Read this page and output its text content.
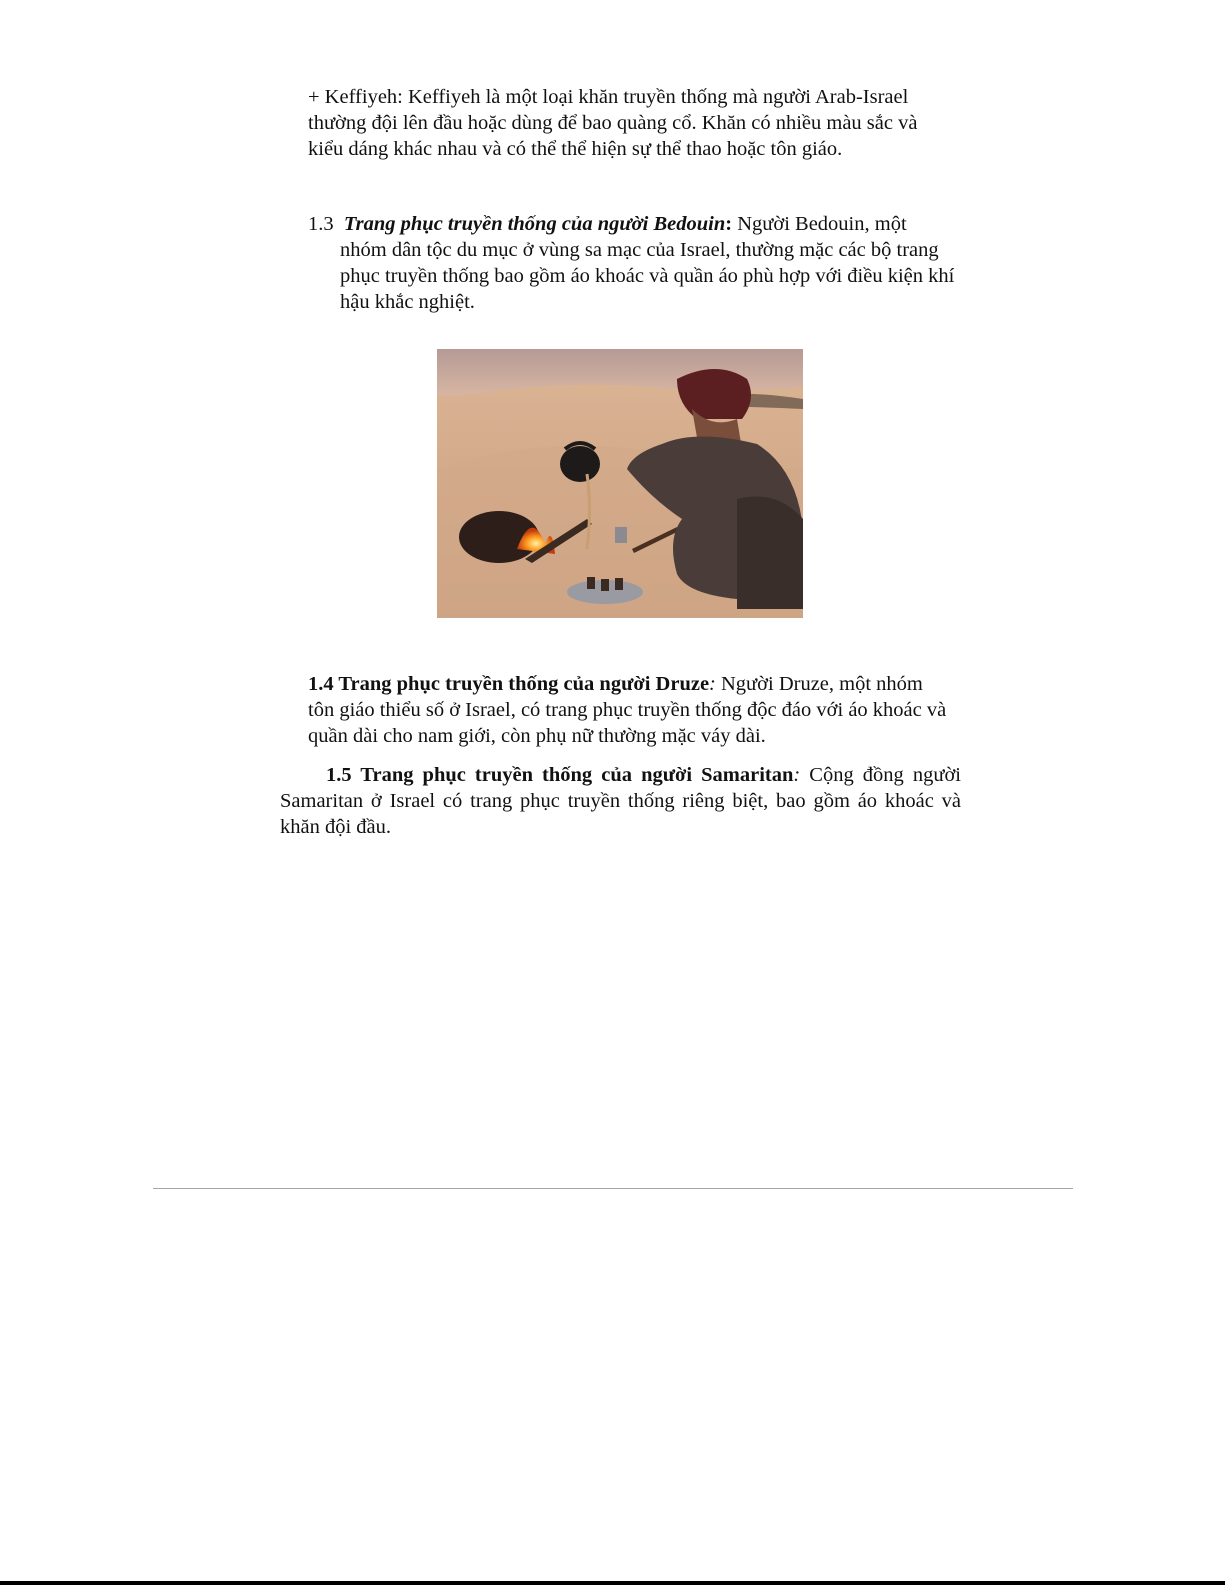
+ Keffiyeh: Keffiyeh là một loại khăn truyền thống mà người Arab-Israel thường đội lên đầu hoặc dùng để bao quàng cổ. Khăn có nhiều màu sắc và kiểu dáng khác nhau và có thể thể hiện sự thể thao hoặc tôn giáo.

1.3 Trang phục truyền thống của người Bedouin: Người Bedouin, một nhóm dân tộc du mục ở vùng sa mạc của Israel, thường mặc các bộ trang phục truyền thống bao gồm áo khoác và quần áo phù hợp với điều kiện khí hậu khắc nghiệt.

1.4 Trang phục truyền thống của người Druze: Người Druze, một nhóm tôn giáo thiểu số ở Israel, có trang phục truyền thống độc đáo với áo khoác và quần dài cho nam giới, còn phụ nữ thường mặc váy dài.

1.5 Trang phục truyền thống của người Samaritan: Cộng đồng người Samaritan ở Israel có trang phục truyền thống riêng biệt, bao gồm áo khoác và khăn đội đầu.
